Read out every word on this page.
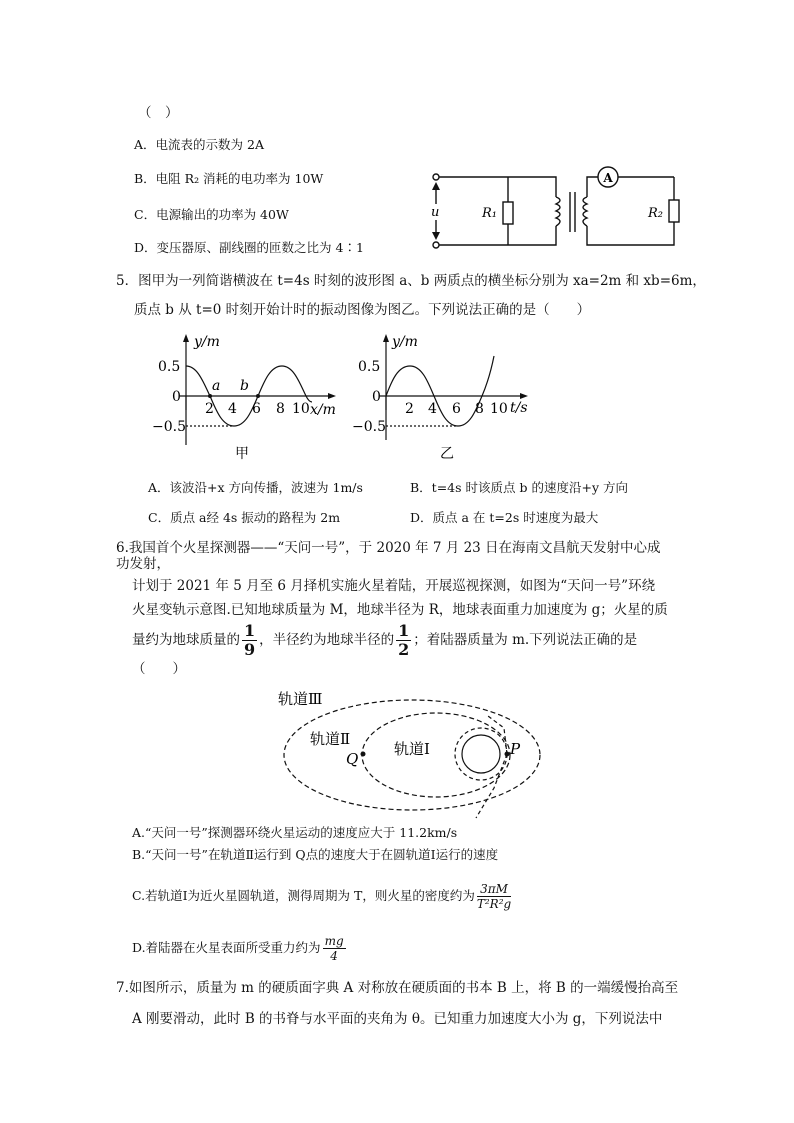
（　）
A．电流表的示数为 2A
B．电阻 R₂ 消耗的电功率为 10W
C．电源输出的功率为 40W
D．变压器原、副线圈的匝数之比为 4∶1
A
u	R₁	R₂
5．图甲为一列简谐横波在 t=4s 时刻的波形图 a、b 两质点的横坐标分别为 xa=2m 和 xb=6m，
质点 b 从 t=0 时刻开始计时的振动图像为图乙。下列说法正确的是（　　）
y/m
x/m
0.5
0
−0.5
2 4 6 8 10
a b
甲
y/m
t/s
0.5
0
−0.5
2 4 6 8 10
乙
A．该波沿+x 方向传播，波速为 1m/s	B．t=4s 时该质点 b 的速度沿+y 方向
C．质点 a经 4s 振动的路程为 2m	D．质点 a 在 t=2s 时速度为最大
6.我国首个火星探测器——“天问一号”，于 2020 年 7 月 23 日在海南文昌航天发射中心成
功发射，
计划于 2021 年 5 月至 6 月择机实施火星着陆，开展巡视探测，如图为“天问一号”环绕
火星变轨示意图.已知地球质量为 M，地球半径为 R，地球表面重力加速度为 g；火星的质
量约为地球质量的 $\frac{1}{9}$ ，半径约为地球半径的 $\frac{1}{2}$ ；着陆器质量为 m.下列说法正确的是
（　　）
轨道Ⅲ
轨道Ⅱ
轨道Ⅰ
Q
P
A.“天问一号”探测器环绕火星运动的速度应大于 11.2km/s
B.“天问一号”在轨道Ⅱ运行到 Q点的速度大于在圆轨道Ⅰ运行的速度
C.若轨道Ⅰ为近火星圆轨道，测得周期为 T，则火星的密度约为 $\frac{3\pi M}{\text{T²R²g}}$
D.着陆器在火星表面所受重力约为 $\frac{mg}{4}$
7.如图所示，质量为 m 的硬质面字典 A 对称放在硬质面的书本 B 上，将 B 的一端缓慢抬高至
A 刚要滑动，此时 B 的书脊与水平面的夹角为 θ。已知重力加速度大小为 g，下列说法中
